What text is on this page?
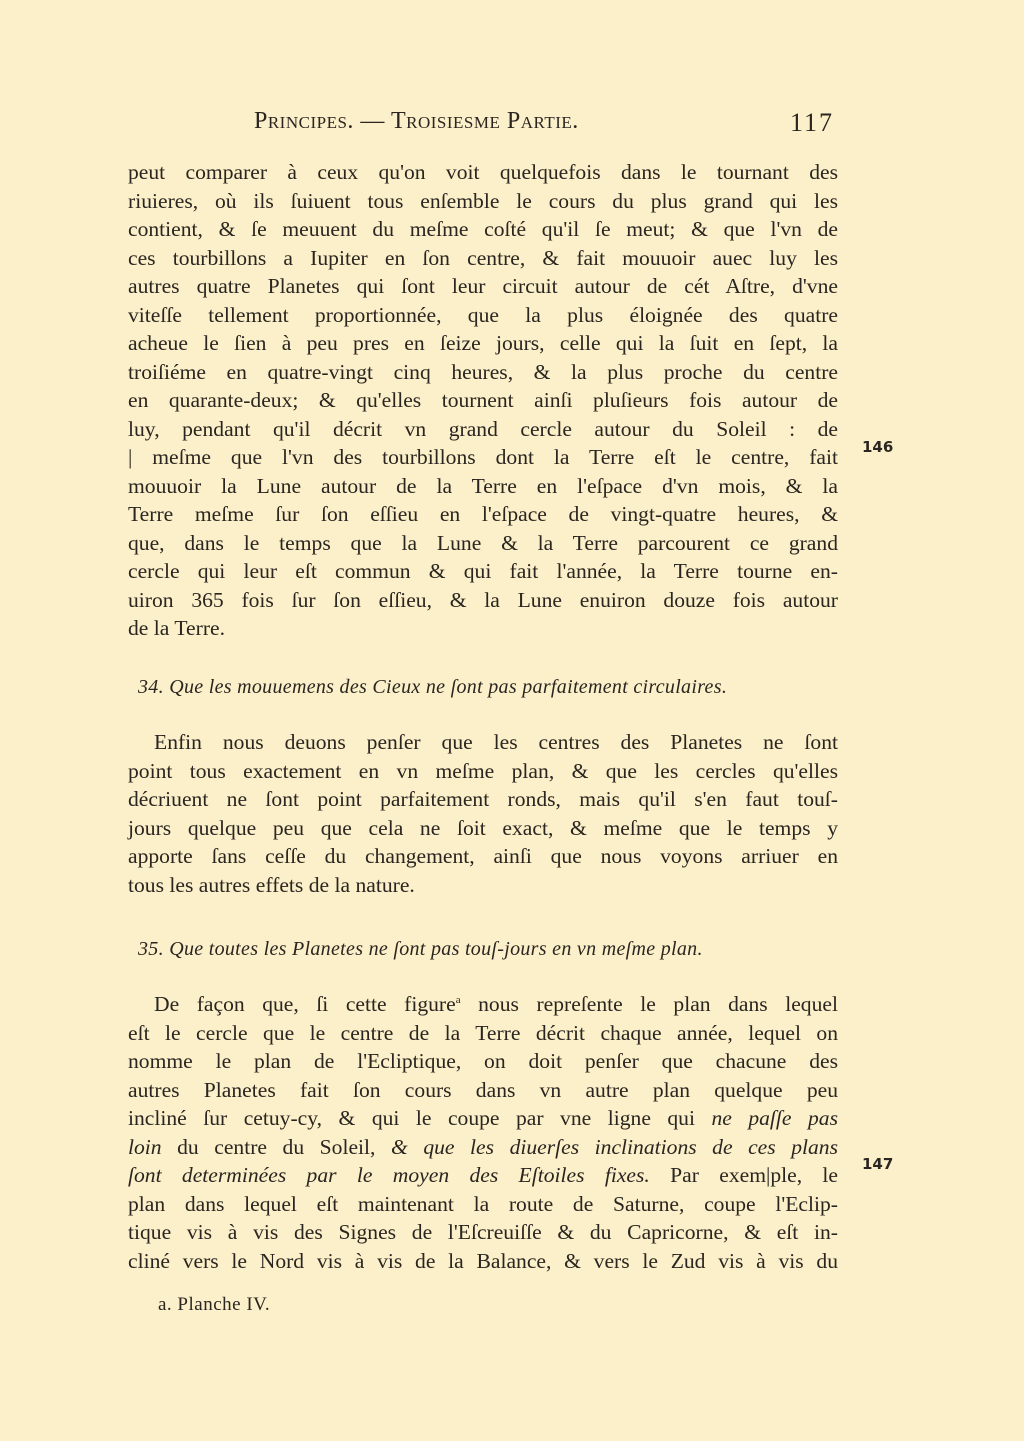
Principes. — Troisiesme Partie.	117
peut comparer à ceux qu'on voit quelquefois dans le tournant des
riuieres, où ils ſuiuent tous enſemble le cours du plus grand qui les
contient, & ſe meuuent du meſme coſté qu'il ſe meut; & que l'vn de
ces tourbillons a Iupiter en ſon centre, & fait mouuoir auec luy les
autres quatre Planetes qui ſont leur circuit autour de cét Aſtre, d'vne
viteſſe tellement proportionnée, que la plus éloignée des quatre
acheue le ſien à peu pres en ſeize jours, celle qui la ſuit en ſept, la
troiſiéme en quatre-vingt cinq heures, & la plus proche du centre
en quarante-deux; & qu'elles tournent ainſi pluſieurs fois autour de
luy, pendant qu'il décrit vn grand cercle autour du Soleil : de
| meſme que l'vn des tourbillons dont la Terre eſt le centre, fait
mouuoir la Lune autour de la Terre en l'eſpace d'vn mois, & la
Terre meſme ſur ſon eſſieu en l'eſpace de vingt-quatre heures, &
que, dans le temps que la Lune & la Terre parcourent ce grand
cercle qui leur eſt commun & qui fait l'année, la Terre tourne en-
uiron 365 fois ſur ſon eſſieu, & la Lune enuiron douze fois autour
de la Terre.
146
34. Que les mouuemens des Cieux ne ſont pas parfaitement circulaires.
Enfin nous deuons penſer que les centres des Planetes ne ſont
point tous exactement en vn meſme plan, & que les cercles qu'elles
décriuent ne ſont point parfaitement ronds, mais qu'il s'en faut touſ-
jours quelque peu que cela ne ſoit exact, & meſme que le temps y
apporte ſans ceſſe du changement, ainſi que nous voyons arriuer en
tous les autres effets de la nature.
35. Que toutes les Planetes ne ſont pas touſ-jours en vn meſme plan.
De façon que, ſi cette figure$^a$ nous repreſente le plan dans lequel
eſt le cercle que le centre de la Terre décrit chaque année, lequel on
nomme le plan de l'Ecliptique, on doit penſer que chacune des
autres Planetes fait ſon cours dans vn autre plan quelque peu
incliné ſur cetuy-cy, & qui le coupe par vne ligne qui ne paſſe pas
loin du centre du Soleil, & que les diuerſes inclinations de ces plans
ſont determinées par le moyen des Eſtoiles fixes. Par exem|ple, le
plan dans lequel eſt maintenant la route de Saturne, coupe l'Eclip-
tique vis à vis des Signes de l'Eſcreuiſſe & du Capricorne, & eſt in-
cliné vers le Nord vis à vis de la Balance, & vers le Zud vis à vis du
147
a. Planche IV.
